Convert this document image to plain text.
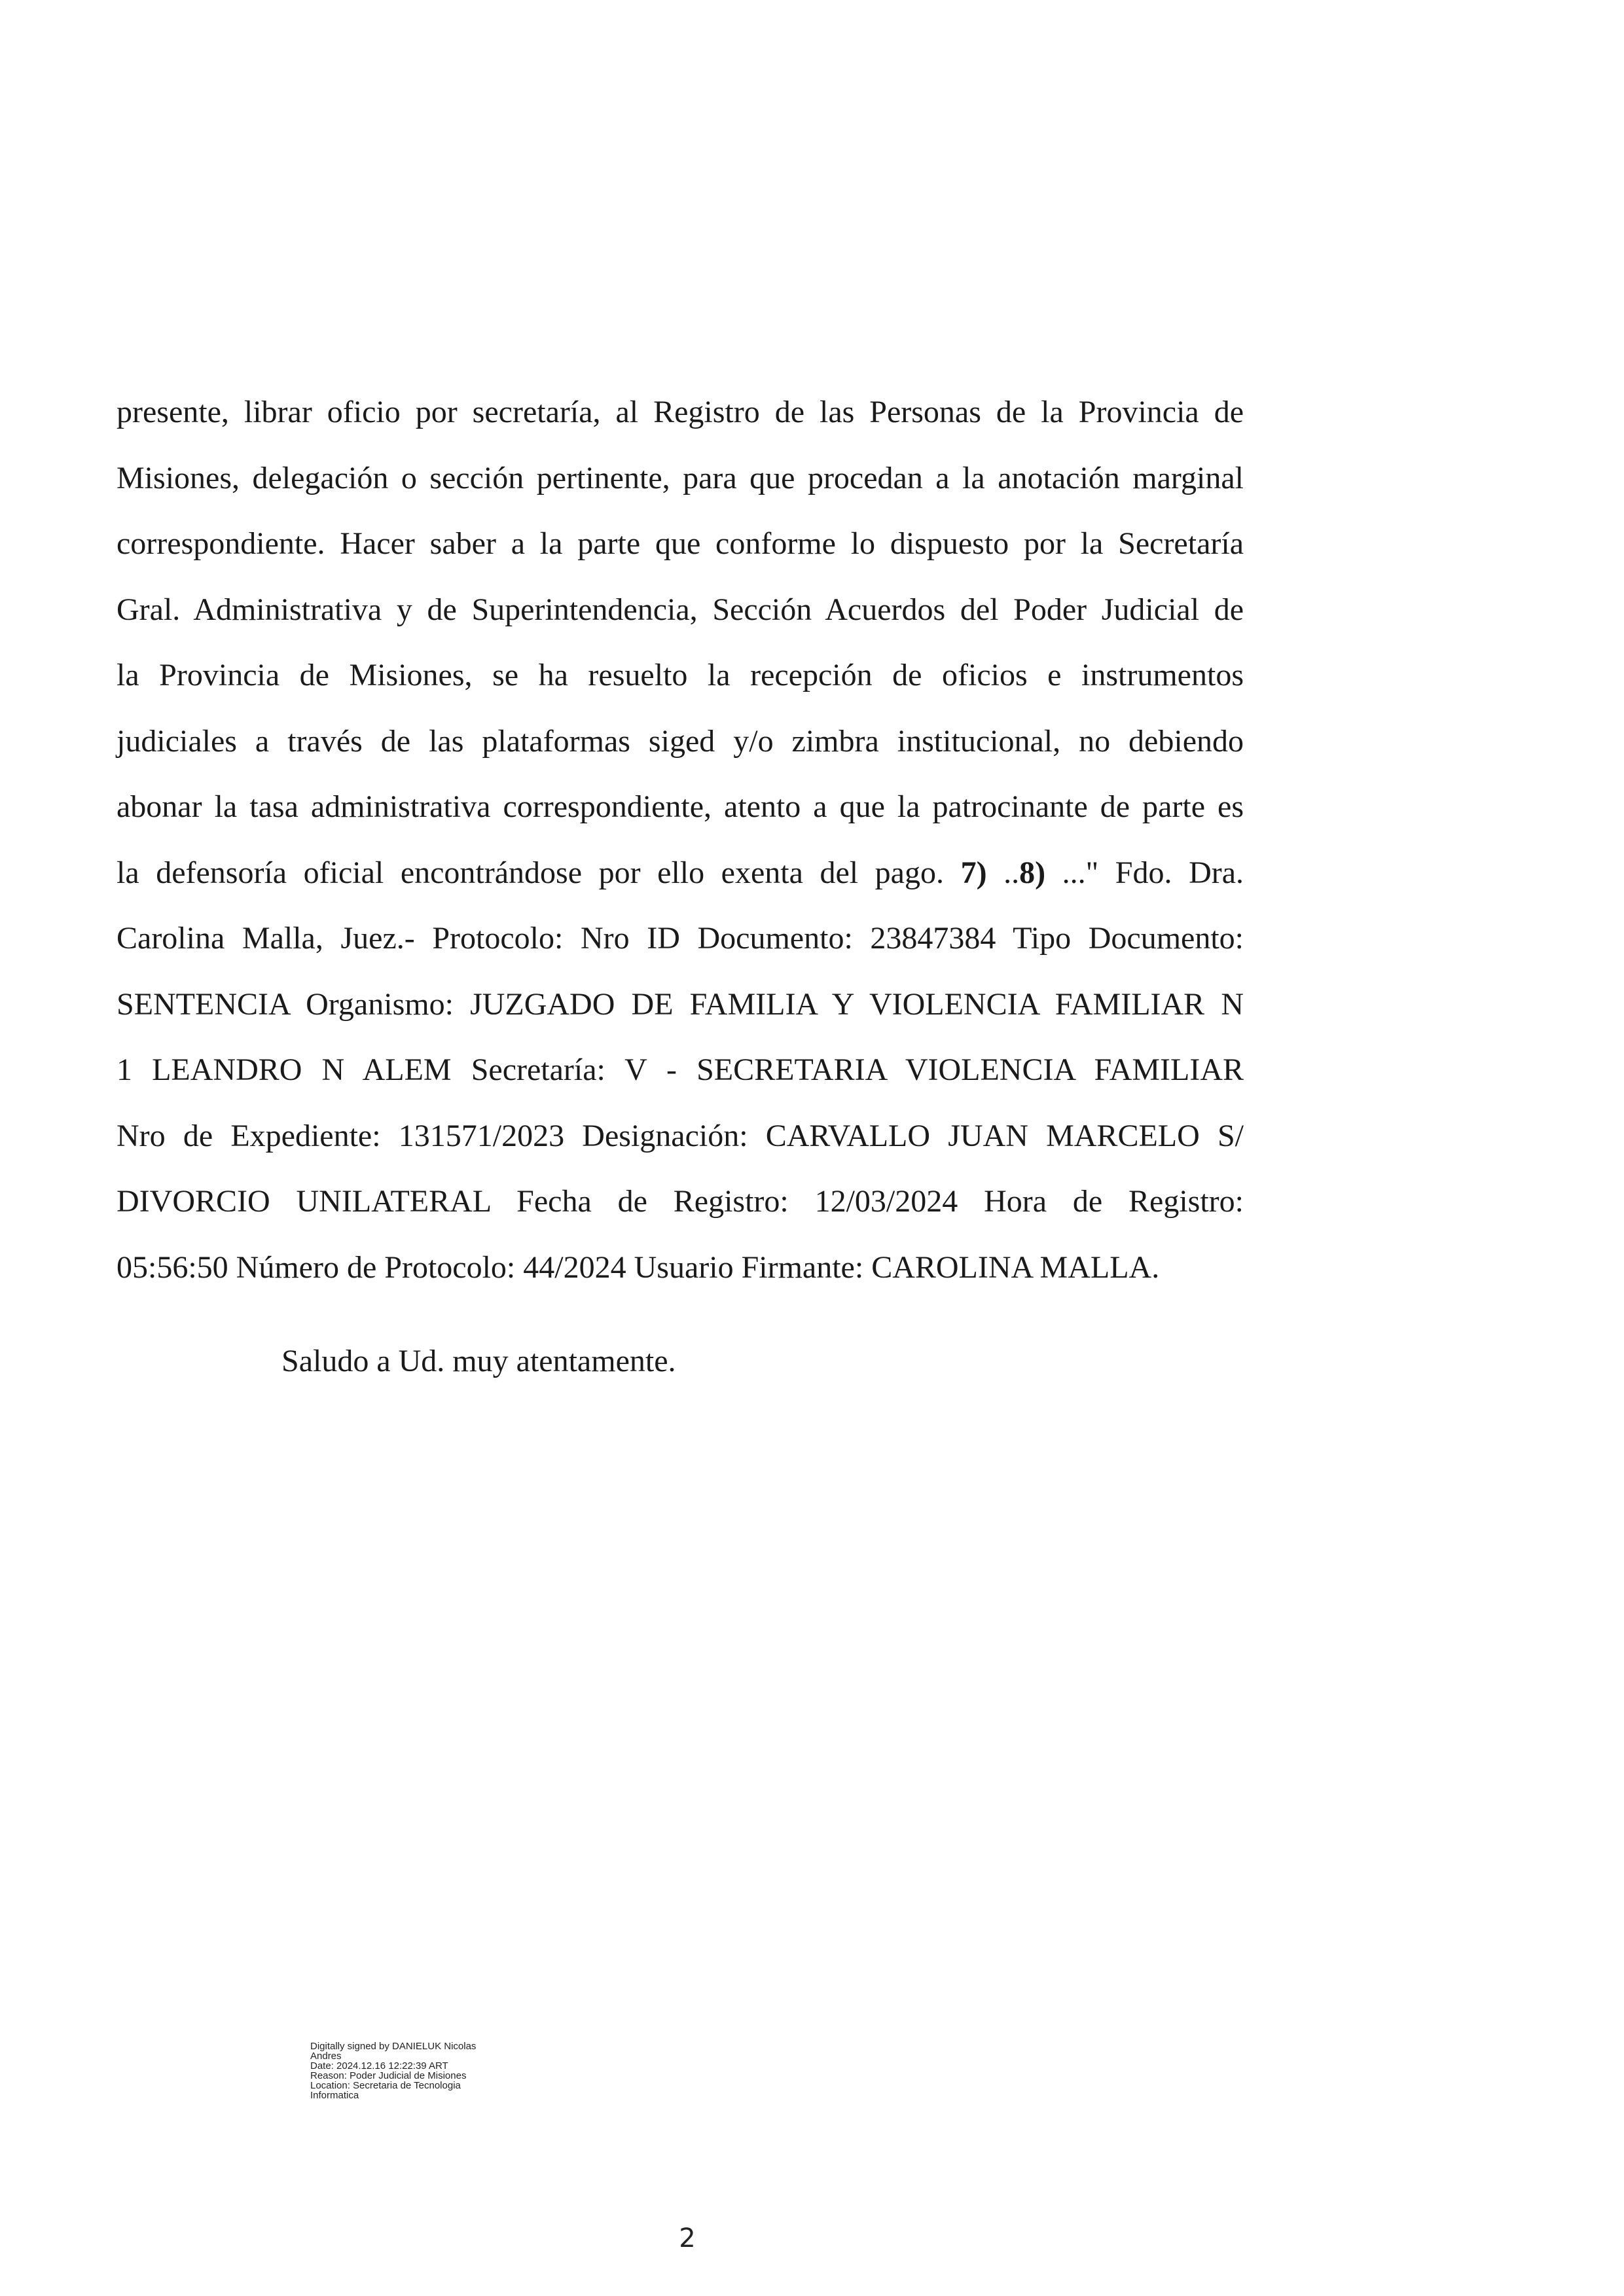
presente, librar oficio por secretaría, al Registro de las Personas de la Provincia de
Misiones, delegación o sección pertinente, para que procedan a la anotación marginal
correspondiente. Hacer saber a la parte que conforme lo dispuesto por la Secretaría
Gral. Administrativa y de Superintendencia, Sección Acuerdos del Poder Judicial de
la Provincia de Misiones, se ha resuelto la recepción de oficios e instrumentos
judiciales a través de las plataformas siged y/o zimbra institucional, no debiendo
abonar la tasa administrativa correspondiente, atento a que la patrocinante de parte es
la defensoría oficial encontrándose por ello exenta del pago. 7) ..8) ..." Fdo. Dra.
Carolina Malla, Juez.- Protocolo: Nro ID Documento: 23847384 Tipo Documento:
SENTENCIA Organismo: JUZGADO DE FAMILIA Y VIOLENCIA FAMILIAR N
1 LEANDRO N ALEM Secretaría: V - SECRETARIA VIOLENCIA FAMILIAR
Nro de Expediente: 131571/2023 Designación: CARVALLO JUAN MARCELO S/
DIVORCIO UNILATERAL Fecha de Registro: 12/03/2024 Hora de Registro:
05:56:50 Número de Protocolo: 44/2024 Usuario Firmante: CAROLINA MALLA.

Saludo a Ud. muy atentamente.

Digitally signed by DANIELUK Nicolas
Andres
Date: 2024.12.16 12:22:39 ART
Reason: Poder Judicial de Misiones
Location: Secretaria de Tecnologia
Informatica

2
